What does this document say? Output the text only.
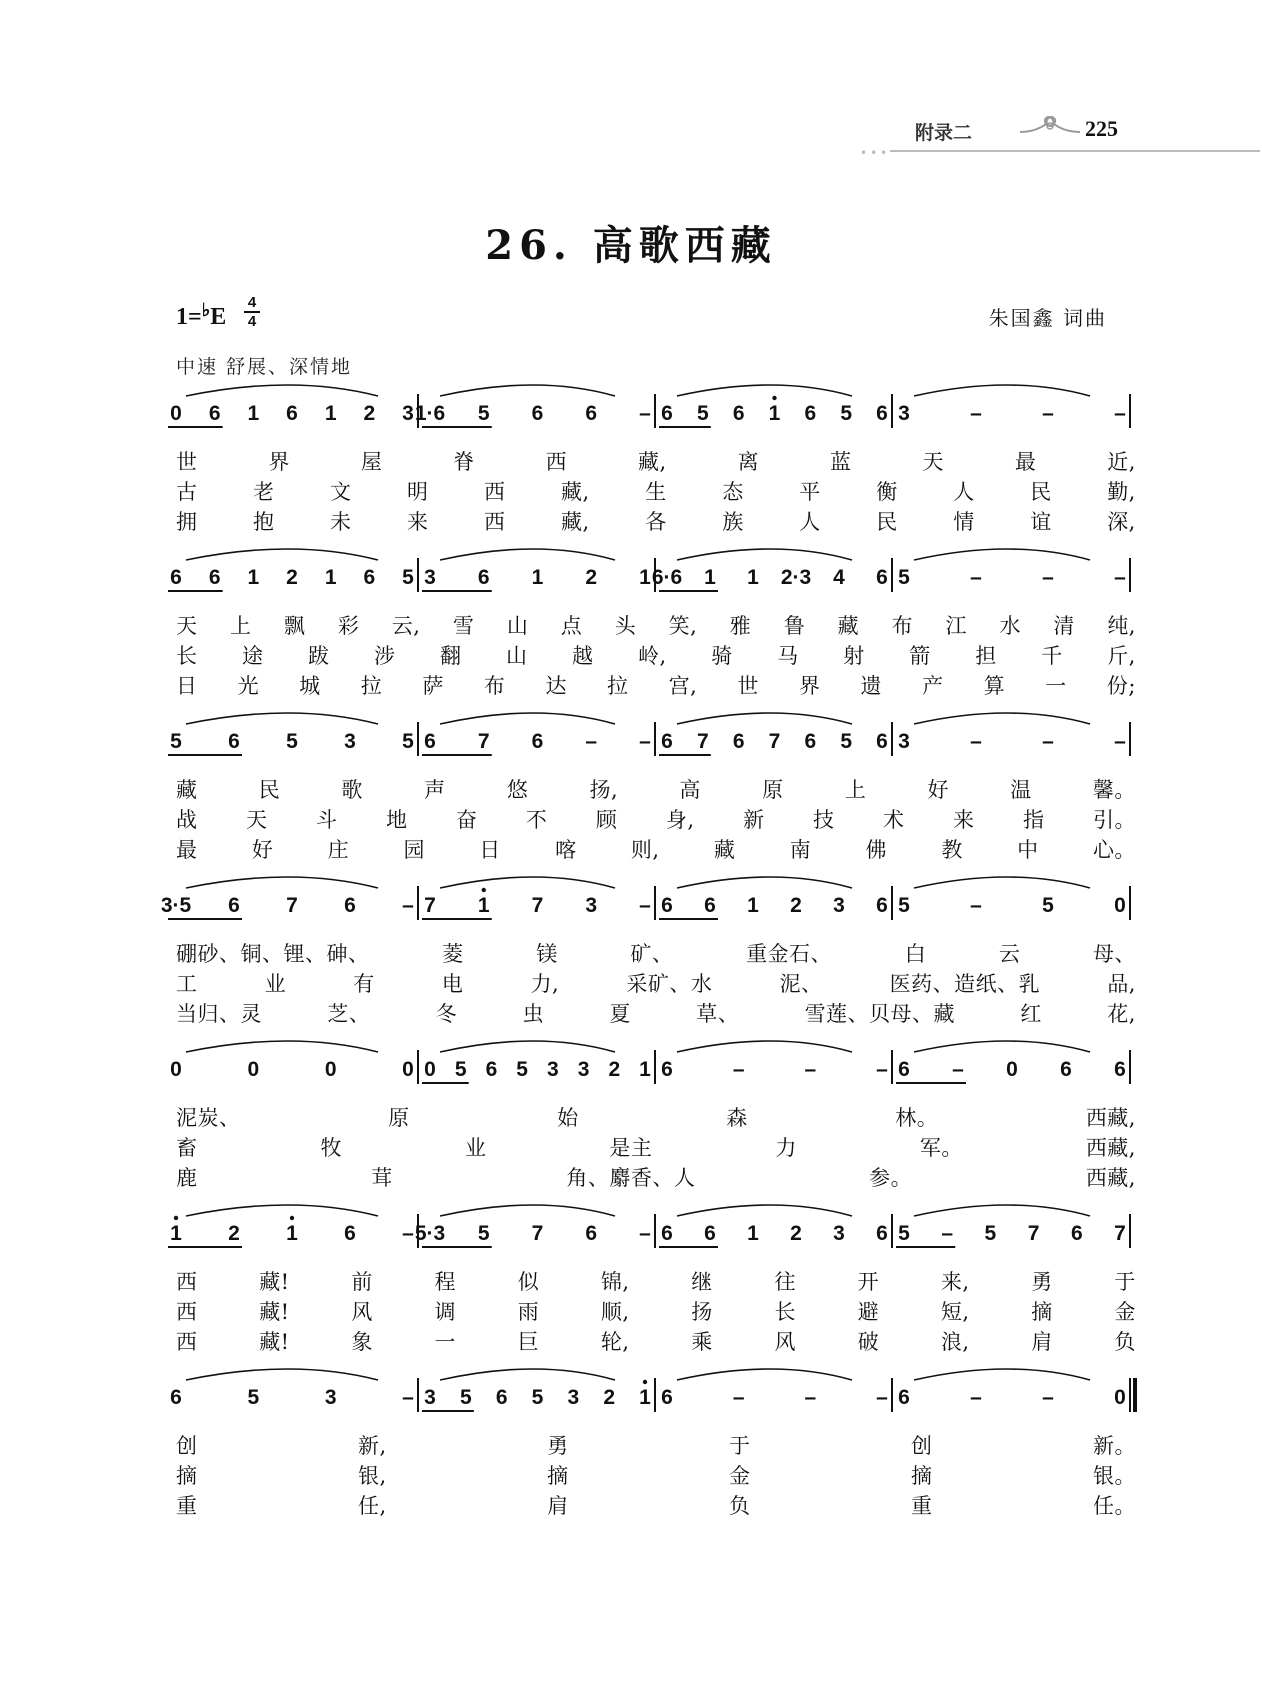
附录二	225
•••
26. 高歌西藏
1=♭E
4
4	朱国鑫 词曲
中速 舒展、深情地
0 6 1 6 1 2 3 1·6 5 6 6 – 6 5 6 1 6 5 6 3	–	–	–
世	界	屋	脊	西	藏,	离	蓝	天	最	近,
古	老	文	明	西	藏,	生	态	平	衡	人	民	勤,
拥	抱	未	来	西	藏,	各	族	人	民	情	谊	深,
6 6 1 2 1 6 5 3 6 1 2 1 6·6 1 1 2·3 4 6 5	–	–	–
天 上 飘 彩 云, 雪 山 点 头 笑, 雅 鲁 藏 布 江 水 清 纯,
长 途 跋 涉 翻 山 越 岭, 骑 马 射 箭 担 千 斤,
日 光 城 拉 萨 布 达 拉 宫, 世 界 遗 产 算 一 份;
5 6 5 3 5 6 7 6 – – 6 7 6 7 6 5 6 3	–	–	–
藏	民	歌	声	悠	扬,	高	原	上	好	温	馨。
战 天 斗 地 奋 不 顾 身, 新 技 术 来 指 引。
最	好	庄	园	日	喀	则,	藏	南	佛	教	中	心。
3·5 6 7 6 – 7 1 7 3 – 6 6 1 2 3 6 5	–	5	0
硼砂、铜、锂、砷、	菱	镁	矿、	重金石、	白	云	母、
工	业	有	电	力,	采矿、水	泥、	医药、造纸、乳	品,
当归、灵	芝、	冬	虫	夏	草、	雪莲、贝母、藏	红	花,
0	0	0	0 0 5 6 5 3 3 2 1 6	–	–	– 6 – 0 6 6
泥炭、	原	始	森	林。	西藏,
畜	牧	业	是主	力	军。	西藏,
鹿	茸	角、麝香、人	参。	西藏,
1 2 1 6 – 5·3 5 7 6 – 6 6 1 2 3 6 5 – 5 7 6 7
西	藏!	前	程	似	锦,	继	往	开	来,	勇	于
西	藏!	风	调	雨	顺,	扬	长	避	短,	摘	金
西	藏!	象	一	巨	轮,	乘	风	破	浪,	肩	负
6	5	3	– 3 5 6 5 3 2 1 6	–	–	– 6	–	–	0
创	新,	勇	于	创	新。
摘	银,	摘	金	摘	银。
重	任,	肩	负	重	任。
